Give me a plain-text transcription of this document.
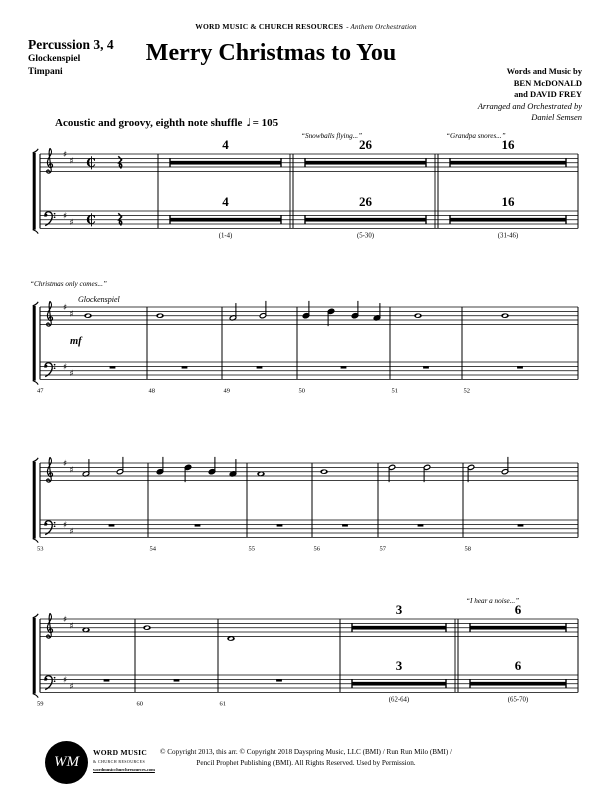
♯
♯
♯
♯
C
C
4
4
(1-4)
26
26
(5-30)
“Snowballs flying...”
16
16
(31-46)
“Grandpa snores...”
♯
♯
♯
♯
47	48	49	50	51	52
“Christmas only comes...”
Glockenspiel
mf
♯
♯
♯
♯
53	54	55	56	57	58
♯
♯
♯
♯
59	60	61
3
3
(62-64)
6
6
(65-70)
“I hear a noise...”
WORD MUSIC & CHURCH RESOURCES - Anthem Orchestration
Percussion 3, 4
Glockenspiel
Timpani
Merry Christmas to You
Words and Music by
BEN McDONALD
and DAVID FREY
Arranged and Orchestrated by
Daniel Semsen
Acoustic and groovy, eighth note shuffle ♩= 105
WM
WORD MUSIC
& CHURCH RESOURCES
wordmusicchurchresources.com
© Copyright 2013, this arr. © Copyright 2018 Dayspring Music, LLC (BMI) / Run Run Milo (BMI) /
Pencil Prophet Publishing (BMI). All Rights Reserved. Used by Permission.
